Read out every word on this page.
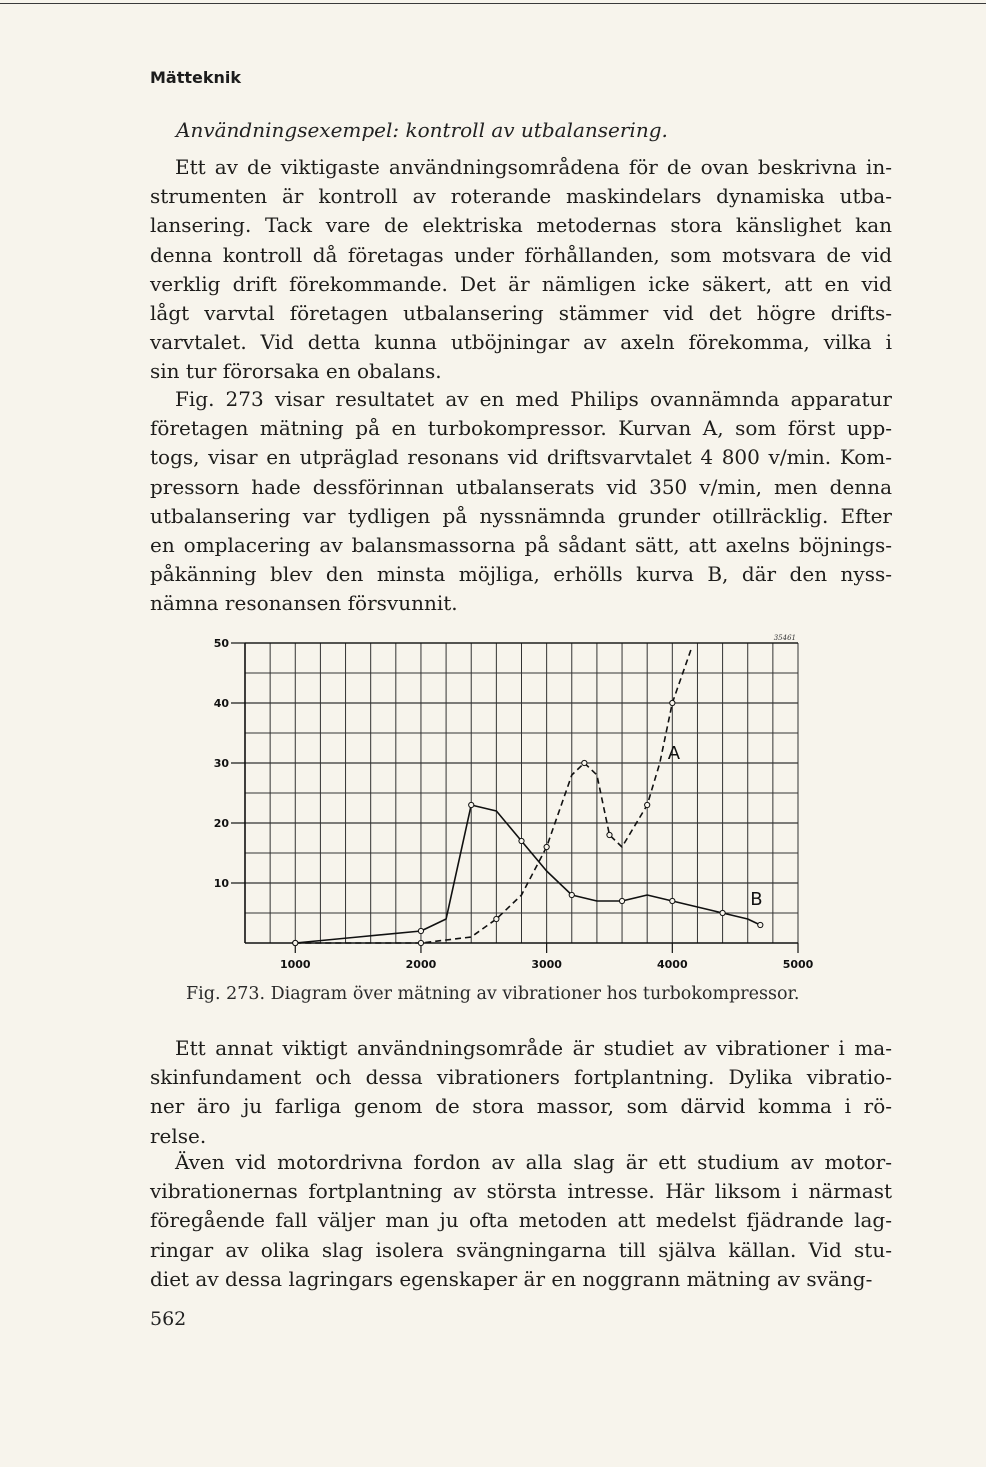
Mätteknik
Användningsexempel: kontroll av utbalansering.
Ett av de viktigaste användningsområdena för de ovan beskrivna in-
strumenten är kontroll av roterande maskindelars dynamiska utba-
lansering. Tack vare de elektriska metodernas stora känslighet kan
denna kontroll då företagas under förhållanden, som motsvara de vid
verklig drift förekommande. Det är nämligen icke säkert, att en vid
lågt varvtal företagen utbalansering stämmer vid det högre drifts-
varvtalet. Vid detta kunna utböjningar av axeln förekomma, vilka i
sin tur förorsaka en obalans.
Fig. 273 visar resultatet av en med Philips ovannämnda apparatur
företagen mätning på en turbokompressor. Kurvan A, som först upp-
togs, visar en utpräglad resonans vid driftsvarvtalet 4 800 v/min. Kom-
pressorn hade dessförinnan utbalanserats vid 350 v/min, men denna
utbalansering var tydligen på nyssnämnda grunder otillräcklig. Efter
en omplacering av balansmassorna på sådant sätt, att axelns böjnings-
påkänning blev den minsta möjliga, erhölls kurva B, där den nyss-
nämna resonansen försvunnit.
10
20
30
40
50
1000	2000	3000	4000	5000
A
B
35461
Fig. 273. Diagram över mätning av vibrationer hos turbokompressor.
Ett annat viktigt användningsområde är studiet av vibrationer i ma-
skinfundament och dessa vibrationers fortplantning. Dylika vibratio-
ner äro ju farliga genom de stora massor, som därvid komma i rö-
relse.
Även vid motordrivna fordon av alla slag är ett studium av motor-
vibrationernas fortplantning av största intresse. Här liksom i närmast
föregående fall väljer man ju ofta metoden att medelst fjädrande lag-
ringar av olika slag isolera svängningarna till själva källan. Vid stu-
diet av dessa lagringars egenskaper är en noggrann mätning av sväng-
562
